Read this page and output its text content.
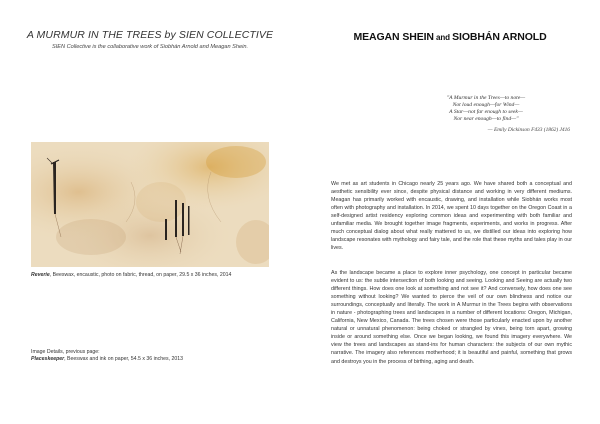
A MURMUR IN THE TREES by SIEN COLLECTIVE
SIEN Collective is the collaborative work of Siobhán Arnold and Meagan Shein.
Reverie, Beeswax, encaustic, photo on fabric, thread, on paper, 29.5 x 36 inches, 2014
Image Details, previous page:
Placeskeeper, Beeswax and ink on paper, 54.5 x 36 inches, 2013
MEAGAN SHEIN and SIOBHÁN ARNOLD
"A Murmur in the Trees—to note—
Not loud enough—for Wind—
A Star—not far enough to seek—
Nor near enough—to find—"
— Emily Dickinson F433 (1862) J416
We met as art students in Chicago nearly 25 years ago. We have shared both a conceptual and aesthetic sensibility ever since, despite physical distance and working in very different mediums. Meagan has primarily worked with encaustic, drawing, and installation while Siobhán works most often with photography and installation. In 2014, we spent 10 days together on the Oregon Coast in a self-designed artist residency exploring common ideas and experimenting with both familiar and unfamiliar media. We brought together image fragments, experiments, and works in progress. After much conceptual dialog about what really mattered to us, we distilled our ideas into exploring how landscape resonates with mythology and fairy tale, and the role that these myths and tales play in our lives.
As the landscape became a place to explore inner psychology, one concept in particular became evident to us: the subtle intersection of both looking and seeing. Looking and Seeing are actually two different things. How does one look at something and not see it? And conversely, how does one see something without looking? We wanted to pierce the veil of our own blindness and notice our surroundings, conceptually and literally. The work in A Murmur in the Trees begins with observations in nature - photographing trees and landscapes in a number of different locations: Oregon, Michigan, California, New Mexico, Canada. The trees chosen were those particularly enacted upon by another natural or unnatural phenomenon: being choked or strangled by vines, being torn apart, growing inside or around something else. Once we began looking, we found this imagery everywhere. We view the trees and landscapes as stand-ins for human characters: the subjects of our own mythic narrative. The imagery also references motherhood; it is beautiful and painful, something that grows and destroys you in the process of birthing, aging and death.
